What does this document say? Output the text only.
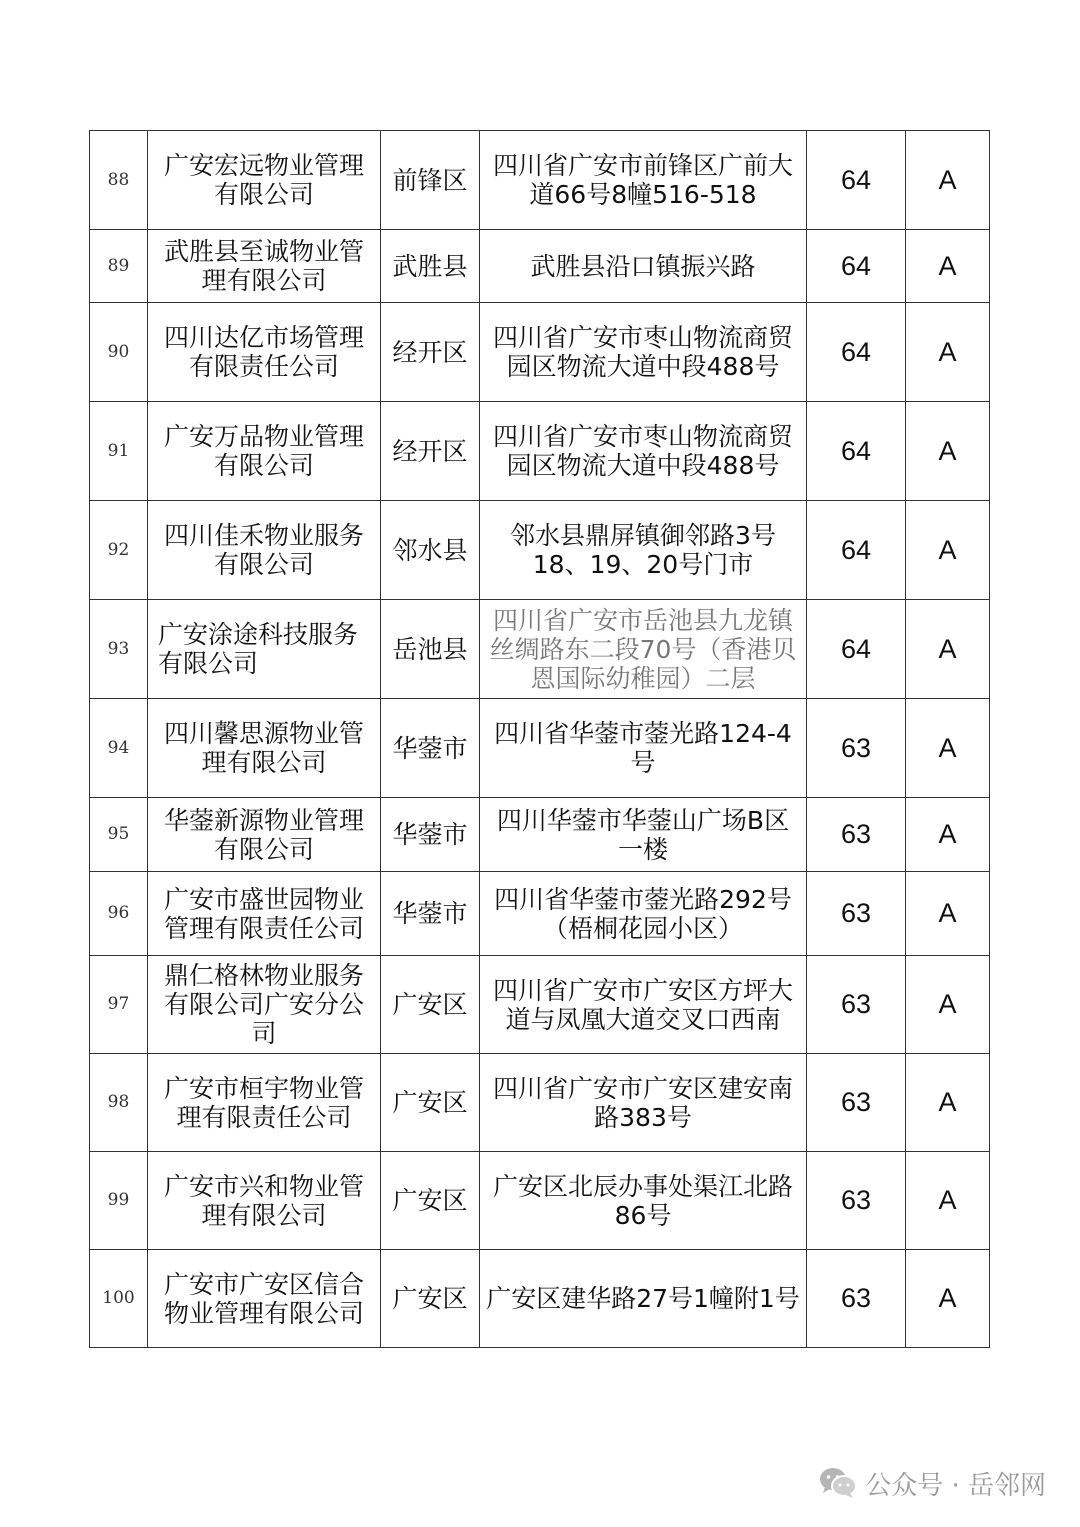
88	广安宏远物业管理有限公司	前锋区	四川省广安市前锋区广前大道66号8幢516-518	64	A
89	武胜县至诚物业管理有限公司	武胜县	武胜县沿口镇振兴路	64	A
90	四川达亿市场管理有限责任公司	经开区	四川省广安市枣山物流商贸园区物流大道中段488号	64	A
91	广安万品物业管理有限公司	经开区	四川省广安市枣山物流商贸园区物流大道中段488号	64	A
92	四川佳禾物业服务有限公司	邻水县	邻水县鼎屏镇御邻路3号18、19、20号门市	64	A
93	广安涂途科技服务有限公司	岳池县	四川省广安市岳池县九龙镇丝绸路东二段70号（香港贝恩国际幼稚园）二层	64	A
94	四川馨思源物业管理有限公司	华蓥市	四川省华蓥市蓥光路124-4号	63	A
95	华蓥新源物业管理有限公司	华蓥市	四川华蓥市华蓥山广场B区一楼	63	A
96	广安市盛世园物业管理有限责任公司	华蓥市	四川省华蓥市蓥光路292号（梧桐花园小区）	63	A
97	鼎仁格林物业服务有限公司广安分公司	广安区	四川省广安市广安区方坪大道与凤凰大道交叉口西南	63	A
98	广安市桓宇物业管理有限责任公司	广安区	四川省广安市广安区建安南路383号	63	A
99	广安市兴和物业管理有限公司	广安区	广安区北辰办事处渠江北路86号	63	A
100	广安市广安区信合物业管理有限公司	广安区	广安区建华路27号1幢附1号	63	A
公众号 · 岳邻网
